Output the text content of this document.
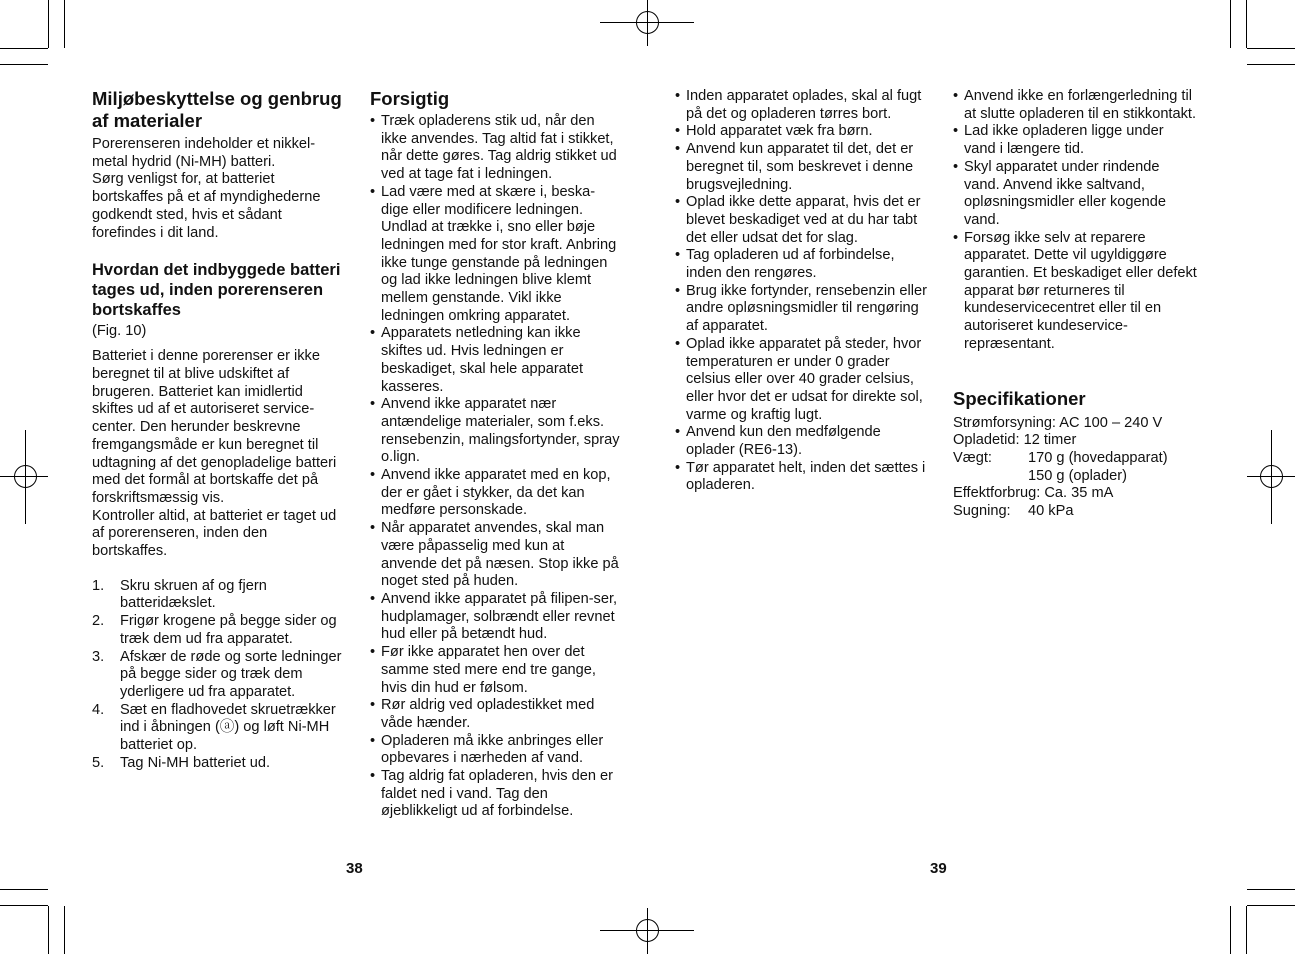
Miljøbeskyttelse og genbrug af materialer

Porerenseren indeholder et nikkel-metal hydrid (Ni-MH) batteri.

Sørg venligst for, at batteriet bortskaffes på et af myndighederne godkendt sted, hvis et sådant forefindes i dit land.

Hvordan det indbyggede batteri tages ud, inden porerenseren bortskaffes

(Fig. 10)

Batteriet i denne porerenser er ikke beregnet til at blive udskiftet af brugeren. Batteriet kan imidlertid skiftes ud af et autoriseret service-center. Den herunder beskrevne fremgangsmåde er kun beregnet til udtagning af det genopladelige batteri med det formål at bortskaffe det på forskriftsmæssig vis.

Kontroller altid, at batteriet er taget ud af porerenseren, inden den bortskaffes.

1. Skru skruen af og fjern batteridækslet.
2. Frigør krogene på begge sider og træk dem ud fra apparatet.
3. Afskær de røde og sorte ledninger på begge sider og træk dem yderligere ud fra apparatet.
4. Sæt en fladhovedet skruetrækker ind i åbningen (ⓐ) og løft Ni-MH batteriet op.
5. Tag Ni-MH batteriet ud.
Forsigtig
• Træk opladerens stik ud, når den ikke anvendes. Tag altid fat i stikket, når dette gøres. Tag aldrig stikket ud ved at tage fat i ledningen.
• Lad være med at skære i, beska-dige eller modificere ledningen. Undlad at trække i, sno eller bøje ledningen med for stor kraft. Anbring ikke tunge genstande på ledningen og lad ikke ledningen blive klemt mellem genstande. Vikl ikke ledningen omkring apparatet.
• Apparatets netledning kan ikke skiftes ud. Hvis ledningen er beskadiget, skal hele apparatet kasseres.
• Anvend ikke apparatet nær antændelige materialer, som f.eks. rensebenzin, malingsfortynder, spray o.lign.
• Anvend ikke apparatet med en kop, der er gået i stykker, da det kan medføre personskade.
• Når apparatet anvendes, skal man være påpasselig med kun at anvende det på næsen. Stop ikke på noget sted på huden.
• Anvend ikke apparatet på filipen-ser, hudplamager, solbrændt eller revnet hud eller på betændt hud.
• Før ikke apparatet hen over det samme sted mere end tre gange, hvis din hud er følsom.
• Rør aldrig ved opladestikket med våde hænder.
• Opladeren må ikke anbringes eller opbevares i nærheden af vand.
• Tag aldrig fat opladeren, hvis den er faldet ned i vand. Tag den øjeblikkeligt ud af forbindelse.
• Inden apparatet oplades, skal al fugt på det og opladeren tørres bort.
• Hold apparatet væk fra børn.
• Anvend kun apparatet til det, det er beregnet til, som beskrevet i denne brugsvejledning.
• Oplad ikke dette apparat, hvis det er blevet beskadiget ved at du har tabt det eller udsat det for slag.
• Tag opladeren ud af forbindelse, inden den rengøres.
• Brug ikke fortynder, rensebenzin eller andre opløsningsmidler til rengøring af apparatet.
• Oplad ikke apparatet på steder, hvor temperaturen er under 0 grader celsius eller over 40 grader celsius, eller hvor det er udsat for direkte sol, varme og kraftig lugt.
• Anvend kun den medfølgende oplader (RE6-13).
• Tør apparatet helt, inden det sættes i opladeren.
• Anvend ikke en forlængerledning til at slutte opladeren til en stikkontakt.
• Lad ikke opladeren ligge under vand i længere tid.
• Skyl apparatet under rindende vand. Anvend ikke saltvand, opløsningsmidler eller kogende vand.
• Forsøg ikke selv at reparere apparatet. Dette vil ugyldiggøre garantien. Et beskadiget eller defekt apparat bør returneres til kundeservicecentret eller til en autoriseret kundeservice-repræsentant.
Specifikationer
Strømforsyning: AC 100 – 240 V
Opladetid: 12 timer
Vægt:	170 g (hovedapparat)
150 g (oplader)
Effektforbrug: Ca. 35 mA
Sugning:	40 kPa
38	39
